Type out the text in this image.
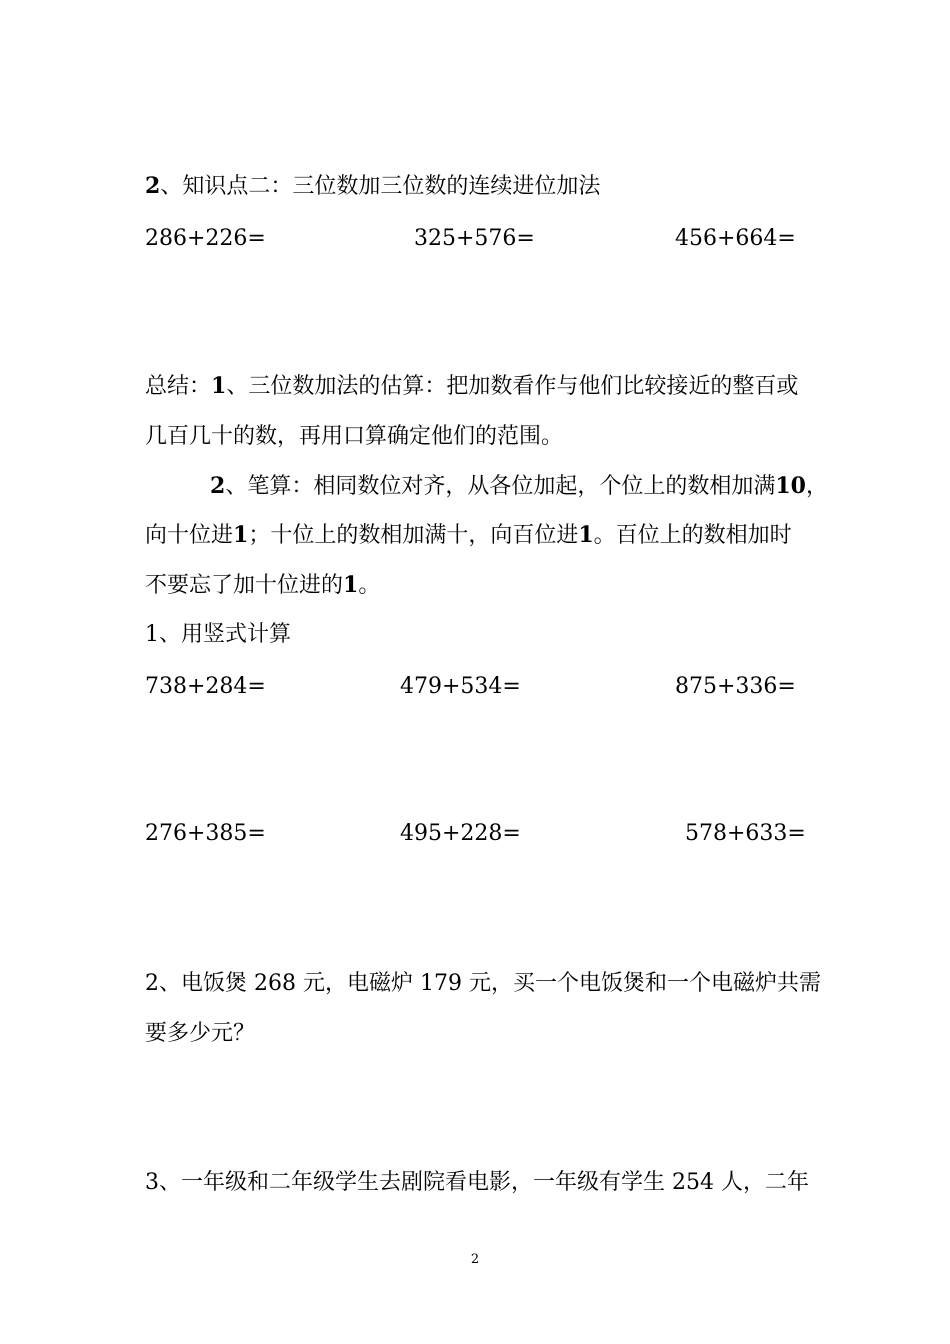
2、知识点二：三位数加三位数的连续进位加法
286+226=	325+576=	456+664=
总结：1、三位数加法的估算：把加数看作与他们比较接近的整百或
几百几十的数，再用口算确定他们的范围。
2、笔算：相同数位对齐，从各位加起，个位上的数相加满10，
向十位进1；十位上的数相加满十，向百位进1。百位上的数相加时
不要忘了加十位进的1。
1、用竖式计算
738+284=	479+534=	875+336=
276+385=	495+228=	578+633=
2、电饭煲 268 元，电磁炉 179 元，买一个电饭煲和一个电磁炉共需
要多少元？
3、一年级和二年级学生去剧院看电影，一年级有学生 254 人，二年
2
